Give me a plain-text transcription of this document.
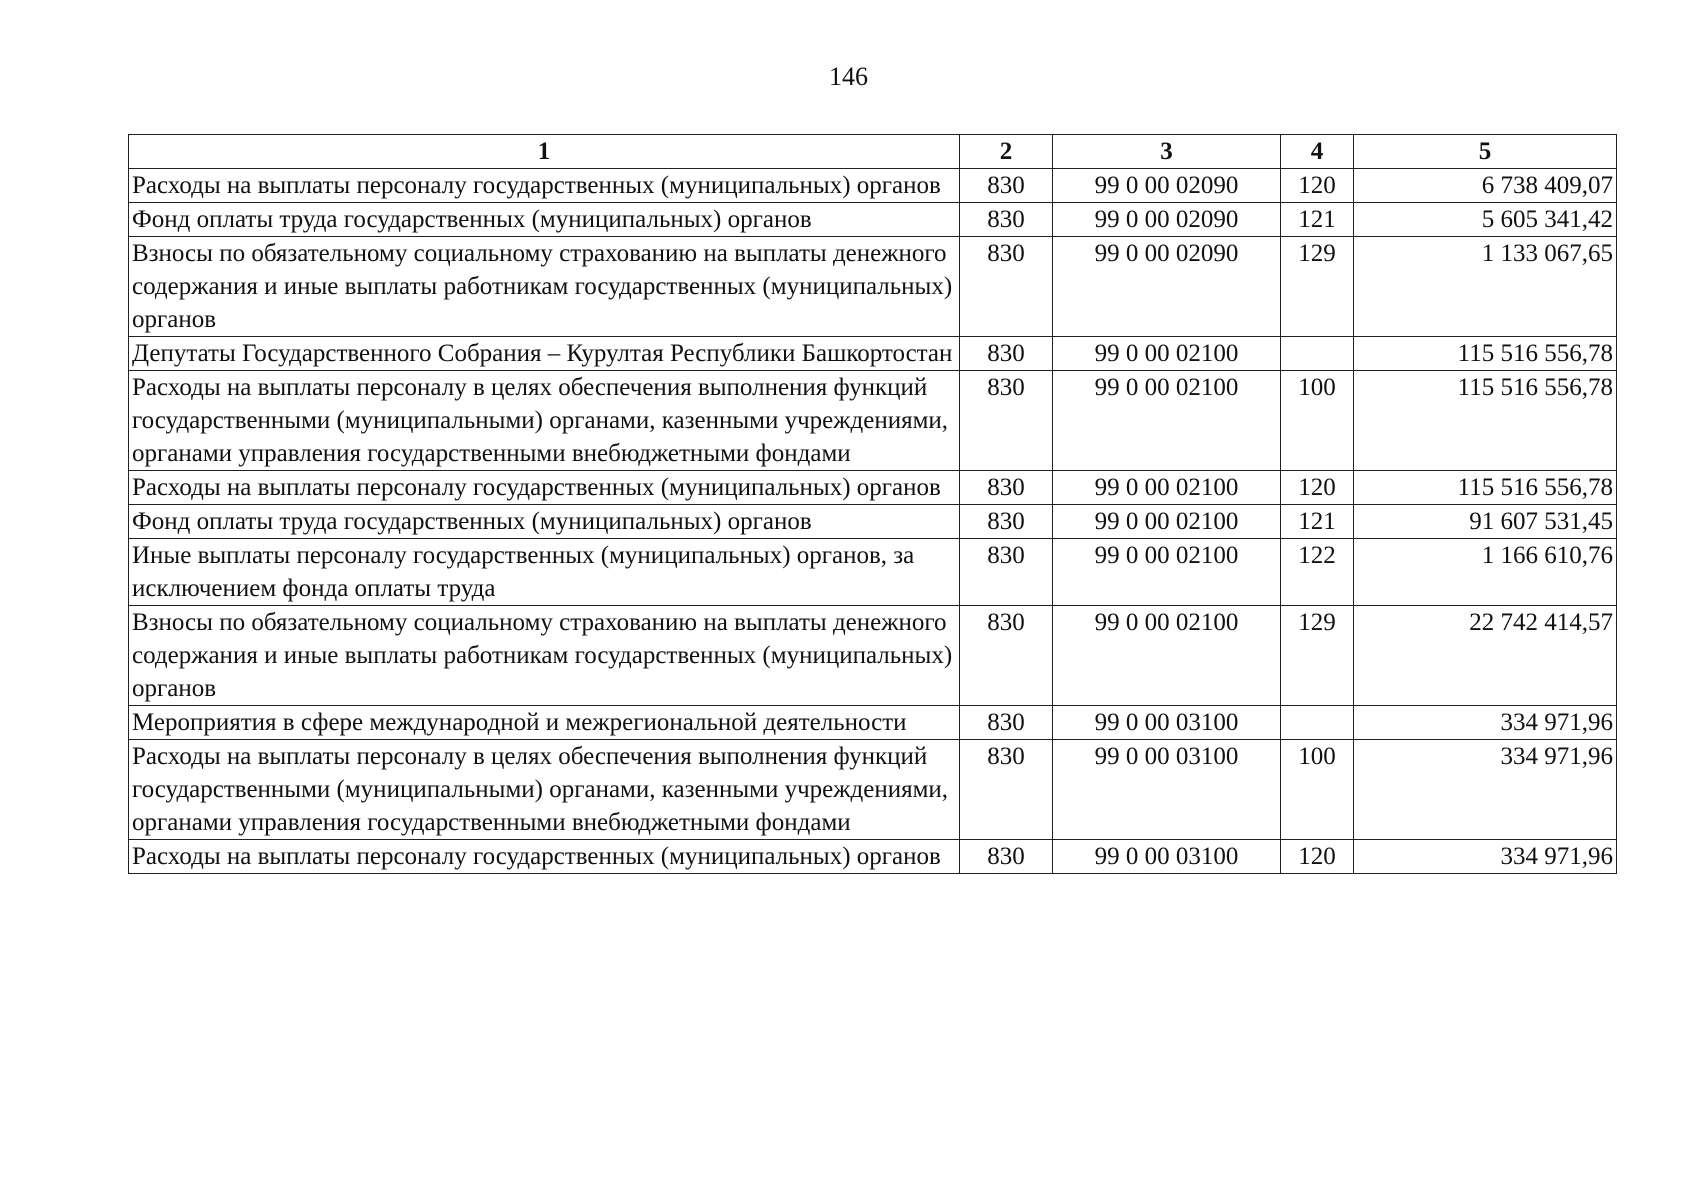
146
1	2	3	4	5
Расходы на выплаты персоналу государственных (муниципальных) органов	830	99 0 00 02090	120	6 738 409,07
Фонд оплаты труда государственных (муниципальных) органов	830	99 0 00 02090	121	5 605 341,42
Взносы по обязательному социальному страхованию на выплаты денежного содержания и иные выплаты работникам государственных (муниципальных) органов	830	99 0 00 02090	129	1 133 067,65
Депутаты Государственного Собрания – Курултая Республики Башкортостан	830	99 0 00 02100		115 516 556,78
Расходы на выплаты персоналу в целях обеспечения выполнения функций государственными (муниципальными) органами, казенными учреждениями, органами управления государственными внебюджетными фондами	830	99 0 00 02100	100	115 516 556,78
Расходы на выплаты персоналу государственных (муниципальных) органов	830	99 0 00 02100	120	115 516 556,78
Фонд оплаты труда государственных (муниципальных) органов	830	99 0 00 02100	121	91 607 531,45
Иные выплаты персоналу государственных (муниципальных) органов, за исключением фонда оплаты труда	830	99 0 00 02100	122	1 166 610,76
Взносы по обязательному социальному страхованию на выплаты денежного содержания и иные выплаты работникам государственных (муниципальных) органов	830	99 0 00 02100	129	22 742 414,57
Мероприятия в сфере международной и межрегиональной деятельности	830	99 0 00 03100		334 971,96
Расходы на выплаты персоналу в целях обеспечения выполнения функций государственными (муниципальными) органами, казенными учреждениями, органами управления государственными внебюджетными фондами	830	99 0 00 03100	100	334 971,96
Расходы на выплаты персоналу государственных (муниципальных) органов	830	99 0 00 03100	120	334 971,96
